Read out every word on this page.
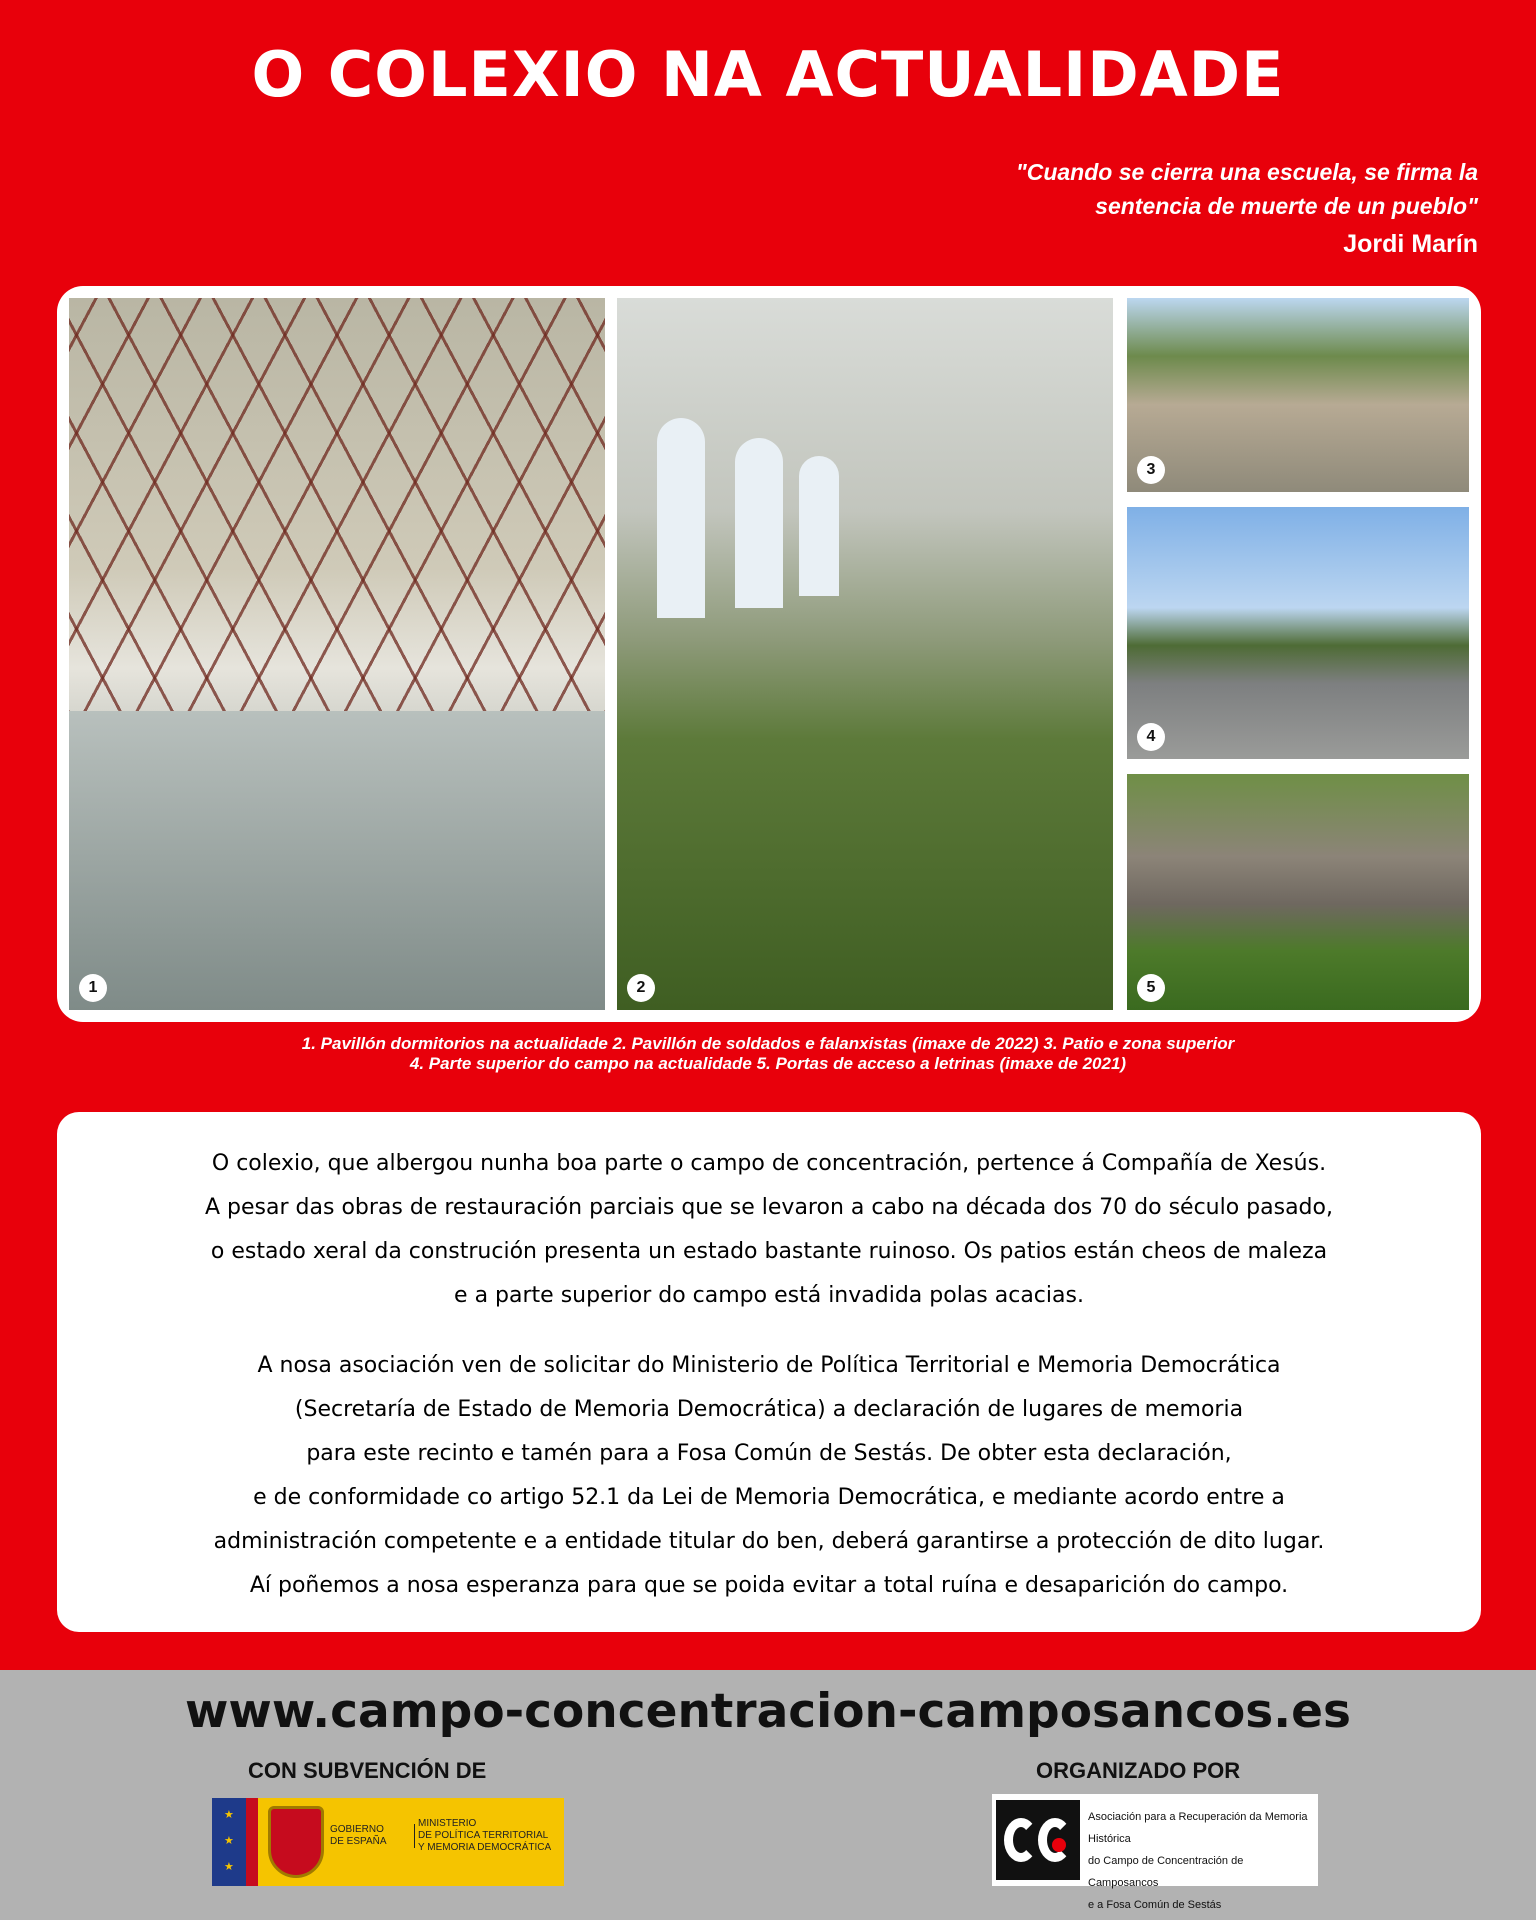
O COLEXIO NA ACTUALIDADE
"Cuando se cierra una escuela, se firma la
sentencia de muerte de un pueblo"
Jordi Marín
1	2
3
4
5
1. Pavillón dormitorios na actualidade 2. Pavillón de soldados e falanxistas (imaxe de 2022) 3. Patio e zona superior
4. Parte superior do campo na actualidade 5. Portas de acceso a letrinas (imaxe de 2021)
O colexio, que albergou nunha boa parte o campo de concentración, pertence á Compañía de Xesús.
A pesar das obras de restauración parciais que se levaron a cabo na década dos 70 do século pasado,
o estado xeral da construción presenta un estado bastante ruinoso. Os patios están cheos de maleza
e a parte superior do campo está invadida polas acacias.
A nosa asociación ven de solicitar do Ministerio de Política Territorial e Memoria Democrática
(Secretaría de Estado de Memoria Democrática) a declaración de lugares de memoria
para este recinto e tamén para a Fosa Común de Sestás. De obter esta declaración,
e de conformidade co artigo 52.1 da Lei de Memoria Democrática, e mediante acordo entre a
administración competente e a entidade titular do ben, deberá garantirse a protección de dito lugar.
Aí poñemos a nosa esperanza para que se poida evitar a total ruína e desaparición do campo.
www.campo-concentracion-camposancos.es
CON SUBVENCIÓN DE	ORGANIZADO POR
★
★
★
GOBIERNO
DE ESPAÑA
MINISTERIO
DE POLÍTICA TERRITORIAL
Y MEMORIA DEMOCRÁTICA
Asociación para a Recuperación da Memoria Histórica
do Campo de Concentración de Camposancos
e a Fosa Común de Sestás
